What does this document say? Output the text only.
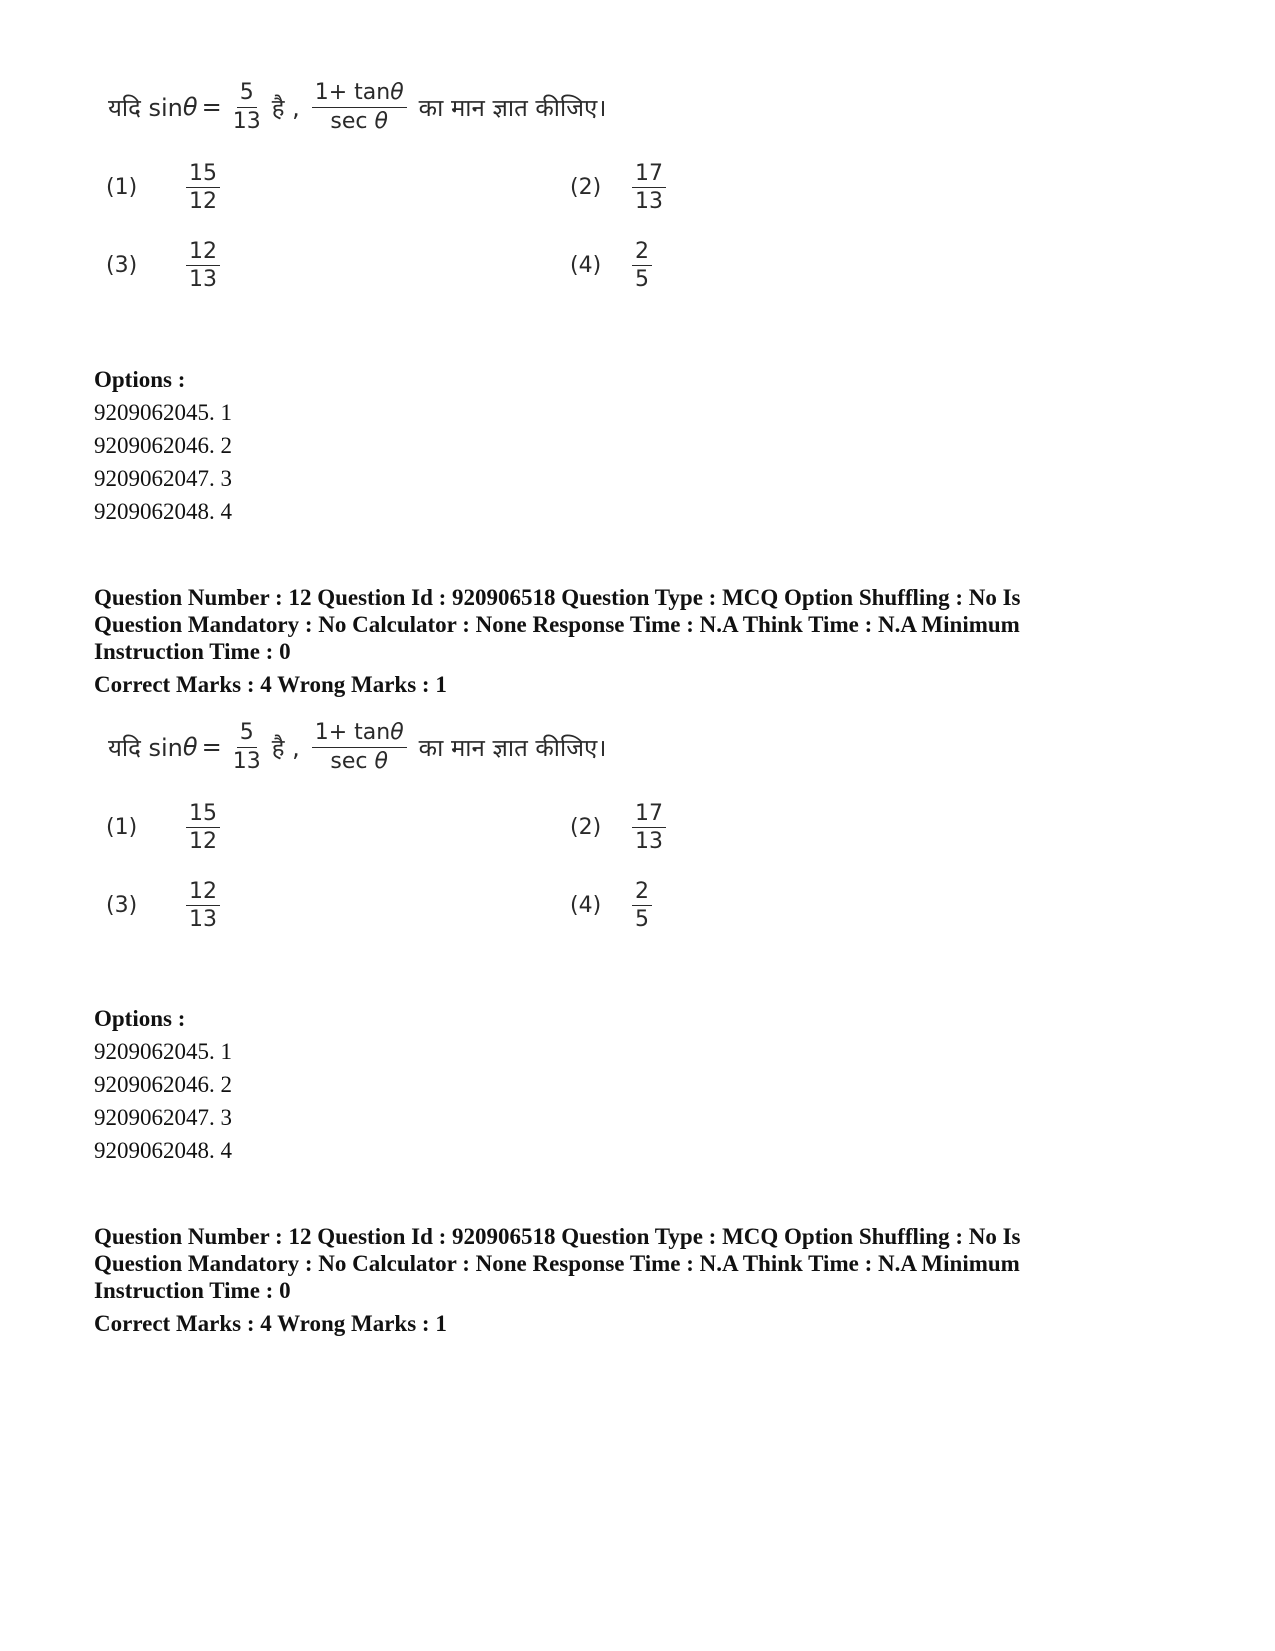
यदि $\sin \theta = \frac{5}{13}$ है , $\frac{1+ \tan\theta}{\text{sec θ}}$ का मान ज्ञात कीजिए।
(1)	$\frac{15}{12}$	(2)	$\frac{17}{13}$
(3)	$\frac{12}{13}$	(4)	$\frac{2}{5}$
Options :
9209062045. 1
9209062046. 2
9209062047. 3
9209062048. 4
Question Number : 12 Question Id : 920906518 Question Type : MCQ Option Shuffling : No Is
Question Mandatory : No Calculator : None Response Time : N.A Think Time : N.A Minimum
Instruction Time : 0
Correct Marks : 4 Wrong Marks : 1
यदि $\sin \theta = \frac{5}{13}$ है , $\frac{1+ \tan\theta}{\text{sec θ}}$ का मान ज्ञात कीजिए।
(1)	$\frac{15}{12}$	(2)	$\frac{17}{13}$
(3)	$\frac{12}{13}$	(4)	$\frac{2}{5}$
Options :
9209062045. 1
9209062046. 2
9209062047. 3
9209062048. 4
Question Number : 12 Question Id : 920906518 Question Type : MCQ Option Shuffling : No Is
Question Mandatory : No Calculator : None Response Time : N.A Think Time : N.A Minimum
Instruction Time : 0
Correct Marks : 4 Wrong Marks : 1
